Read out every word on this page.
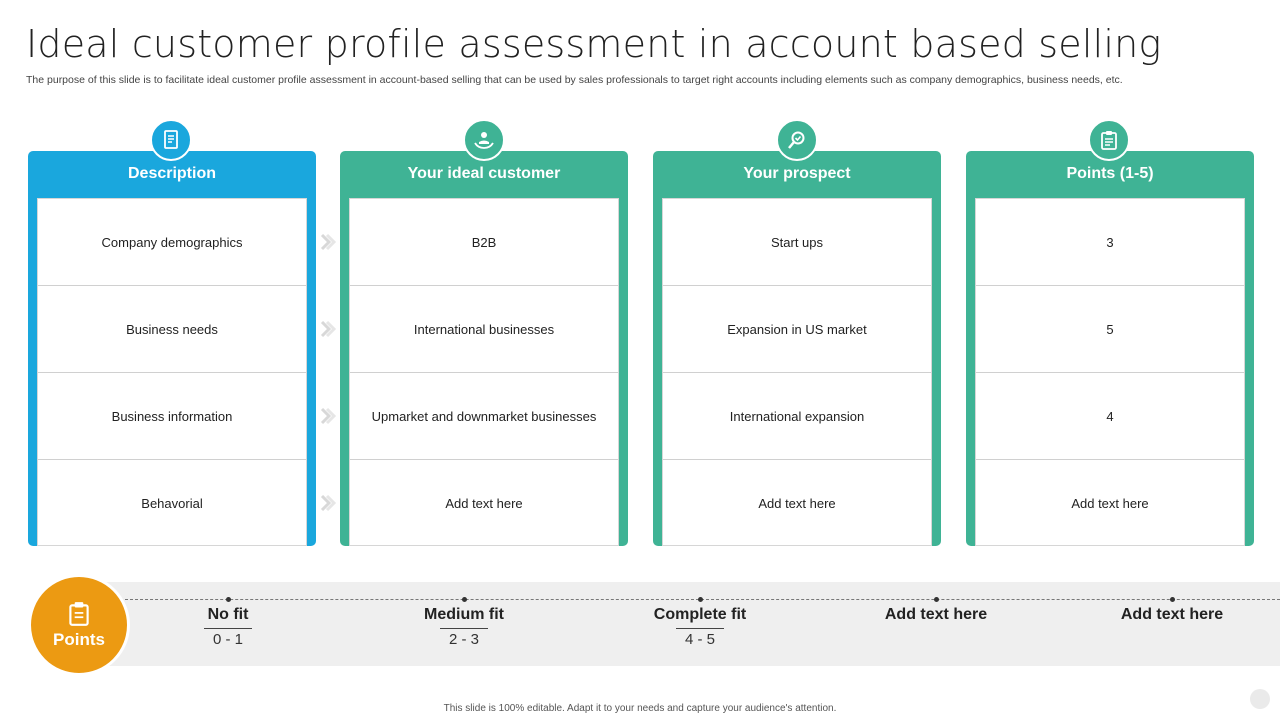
Ideal customer profile assessment in account based selling
The purpose of this slide is to facilitate ideal customer profile assessment in account-based selling that can be used by sales professionals to target right accounts including elements such as company demographics, business needs, etc.
Description
Company demographics
Business needs
Business information
Behavorial
Your ideal customer
B2B
International businesses
Upmarket and downmarket businesses
Add text here
Your prospect
Start ups
Expansion in US market
International expansion
Add text here
Points (1-5)
3
5
4
Add text here
Points
No fit
0 - 1
Medium fit
2 - 3
Complete fit
4 - 5
Add text here	Add text here
This slide is 100% editable. Adapt it to your needs and capture your audience's attention.
